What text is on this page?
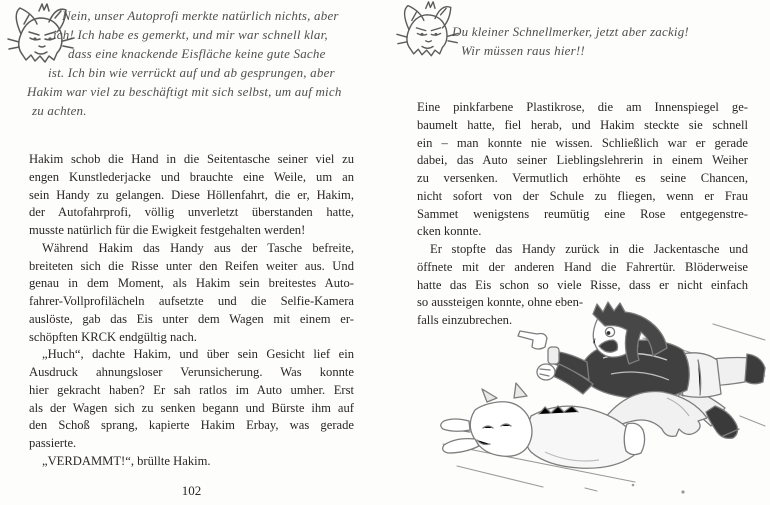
Nein, unser Autoprofi merkte natürlich nichts, aber
ich! Ich habe es gemerkt, und mir war schnell klar,
dass eine knackende Eisfläche keine gute Sache
ist. Ich bin wie verrückt auf und ab gesprungen, aber
Hakim war viel zu beschäftigt mit sich selbst, um auf mich
zu achten.
Du kleiner Schnellmerker, jetzt aber zackig!
Wir müssen raus hier!!
Hakim schob die Hand in die Seitentasche seiner viel zu
engen Kunstlederjacke und brauchte eine Weile, um an
sein Handy zu gelangen. Diese Höllenfahrt, die er, Hakim,
der Autofahrprofi, völlig unverletzt überstanden hatte,
musste natürlich für die Ewigkeit festgehalten werden!
Während Hakim das Handy aus der Tasche befreite,
breiteten sich die Risse unter den Reifen weiter aus. Und
genau in dem Moment, als Hakim sein breitestes Auto-
fahrer-Vollprofilächeln aufsetzte und die Selfie-Kamera
auslöste, gab das Eis unter dem Wagen mit einem er-
schöpften KRCK endgültig nach.
„Huch“, dachte Hakim, und über sein Gesicht lief ein
Ausdruck ahnungsloser Verunsicherung. Was konnte
hier gekracht haben? Er sah ratlos im Auto umher. Erst
als der Wagen sich zu senken begann und Bürste ihm auf
den Schoß sprang, kapierte Hakim Erbay, was gerade
passierte.
„VERDAMMT!“, brüllte Hakim.
Eine pinkfarbene Plastikrose, die am Innenspiegel ge-
baumelt hatte, fiel herab, und Hakim steckte sie schnell
ein – man konnte nie wissen. Schließlich war er gerade
dabei, das Auto seiner Lieblingslehrerin in einem Weiher
zu versenken. Vermutlich erhöhte es seine Chancen,
nicht sofort von der Schule zu fliegen, wenn er Frau
Sammet wenigstens reumütig eine Rose entgegenstre-
cken konnte.
Er stopfte das Handy zurück in die Jackentasche und
öffnete mit der anderen Hand die Fahrertür. Blöderweise
hatte das Eis schon so viele Risse, dass er nicht einfach
so aussteigen konnte, ohne eben-
falls einzubrechen.
102
